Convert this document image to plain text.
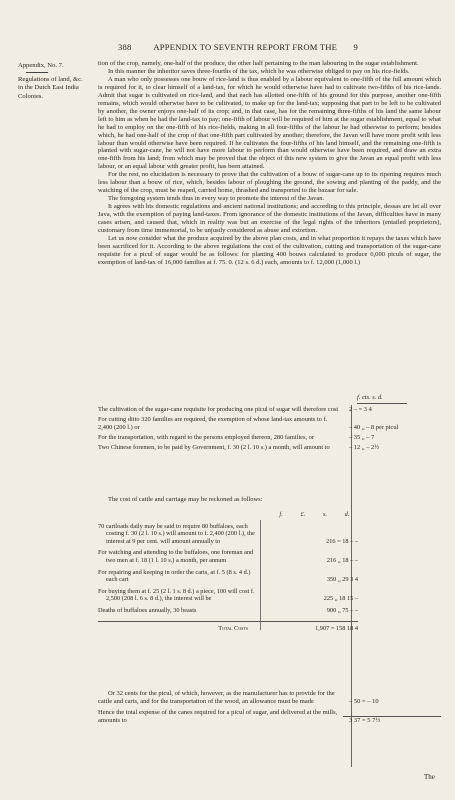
388	APPENDIX TO SEVENTH REPORT FROM THE 9
Appendix, No. 7.
Regulations of land, &c. in the Dutch East India Colonies.

tion of the crop, namely, one-half of the produce, the other half pertaining to the man labouring in the sugar establishment.

In this manner the inheritor saves three-fourths of the tax, which he was otherwise obliged to pay on his rice-fields.

A man who only possesses one bouw of rice-land is thus enabled by a labour equivalent to one-fifth of the full amount which is required for it, to clear himself of a land-tax, for which he would otherwise have had to cultivate two-fifths of his rice-lands. Admit that sugar is cultivated on rice-land, and that each has allotted one-fifth of his ground for this purpose, another one-fifth remains, which would otherwise have to be cultivated, to make up for the land-tax; supposing that part to be left to be cultivated by another, the owner enjoys one-half of its crop; and, in that case, has for the remaining three-fifths of his land the same labour left to him as when he had the land-tax to pay; one-fifth of labour will be required of him at the sugar establishment, equal to what he had to employ on the one-fifth of his rice-fields, making in all four-fifths of the labour he had otherwise to perform; besides which, he had one-half of the crop of that one-fifth part cultivated by another; therefore, the Javan will have more profit with less labour than would otherwise have been required. If he cultivates the four-fifths of his land himself, and the remaining one-fifth is planted with sugar-cane, he will not have more labour to perform than would otherwise have been required, and draw an extra one-fifth from his land; from which may be proved that the object of this new system to give the Javan an equal profit with less labour, or an equal labour with greater profit, has been attained.

For the rest, no elucidation is necessary to prove that the cultivation of a bouw of sugar-cane up to its ripening requires much less labour than a bouw of rice, which, besides labour of ploughing the ground, the sowing and planting of the paddy, and the watching of the crop, must be reaped, carried home, thrashed and transported to the bazaar for sale.

The foregoing system tends thus in every way to promote the interest of the Javan.

It agrees with his domestic regulations and ancient national institutions; and according to this principle, dessas are let all over Java, with the exemption of paying land-taxes. From ignorance of the domestic institutions of the Javan, difficulties have in many cases arisen, and caused that, which in reality was but an exercise of the legal rights of the inheritors (entailed proprietors), customary from time immemorial, to be unjustly considered as abuse and extortion.

Let us now consider what the produce acquired by the above plan costs, and in what proportion it repays the taxes which have been sacrificed for it. According to the above regulations the cost of the cultivation, cutting and transportation of the sugar-cane requisite for a picul of sugar would be as follows: for planting 400 bouws calculated to produce 6,000 piculs of sugar, the exemption of land-tax of 16,000 families at f. 75. 0. (12 s. 6 d.) each, amounts to f. 12,000 (1,000 l.)

f. cts. s. d.
The cultivation of the sugar-cane requisite for producing one picul of sugar will therefore cost	2 – = 3 4
For cutting ditto 320 families are required, the exemption of whose land-tax amounts to f. 2,400 (200 l.) or	– 40 „ – 8 per picul
For the transportation, with regard to the persons employed thereon, 280 families, or	– 35 „ – 7
Two Chinese foremen, to be paid by Government, f. 30 (2 l. 10 s.) a month, will amount to	– 12 „ – 2½
The cost of cattle and carriage may be reckoned as follows:
f.	£.	s.	d.
70 cartloads daily may be said to require 80 buffaloes, each costing f. 30 (2 l. 10 s.) will amount to f. 2,400 (200 l.), the interest at 9 per cent. will amount annually to	216 = 18 – –
For watching and attending to the buffaloes, one foreman and two men at f. 18 (1 l. 10 s.) a month, per annum	216 „ 18 – –
For repairing and keeping in order the carts, at f. 5 (8 s. 4 d.) each cart	350 „ 29 3 4
For buying them at f. 25 (2 l. 1 s. 8 d.) a piece, 100 will cost f. 2,500 (208 l. 6 s. 8 d.), the interest will be	225 „ 18 15 –
Deaths of buffaloes annually, 30 beasts	900 „ 75 – –
Total Costs	1,907 = 158 18 4
Or 32 cents for the picul, of which, however, as the manufacturer has to provide for the cattle and carts, and for the transportation of the wood, an allowance must be made	– 50 = – 10
Hence the total expense of the canes required for a picul of sugar, and delivered at the mills, amounts to	3 37 = 5 7½
The
